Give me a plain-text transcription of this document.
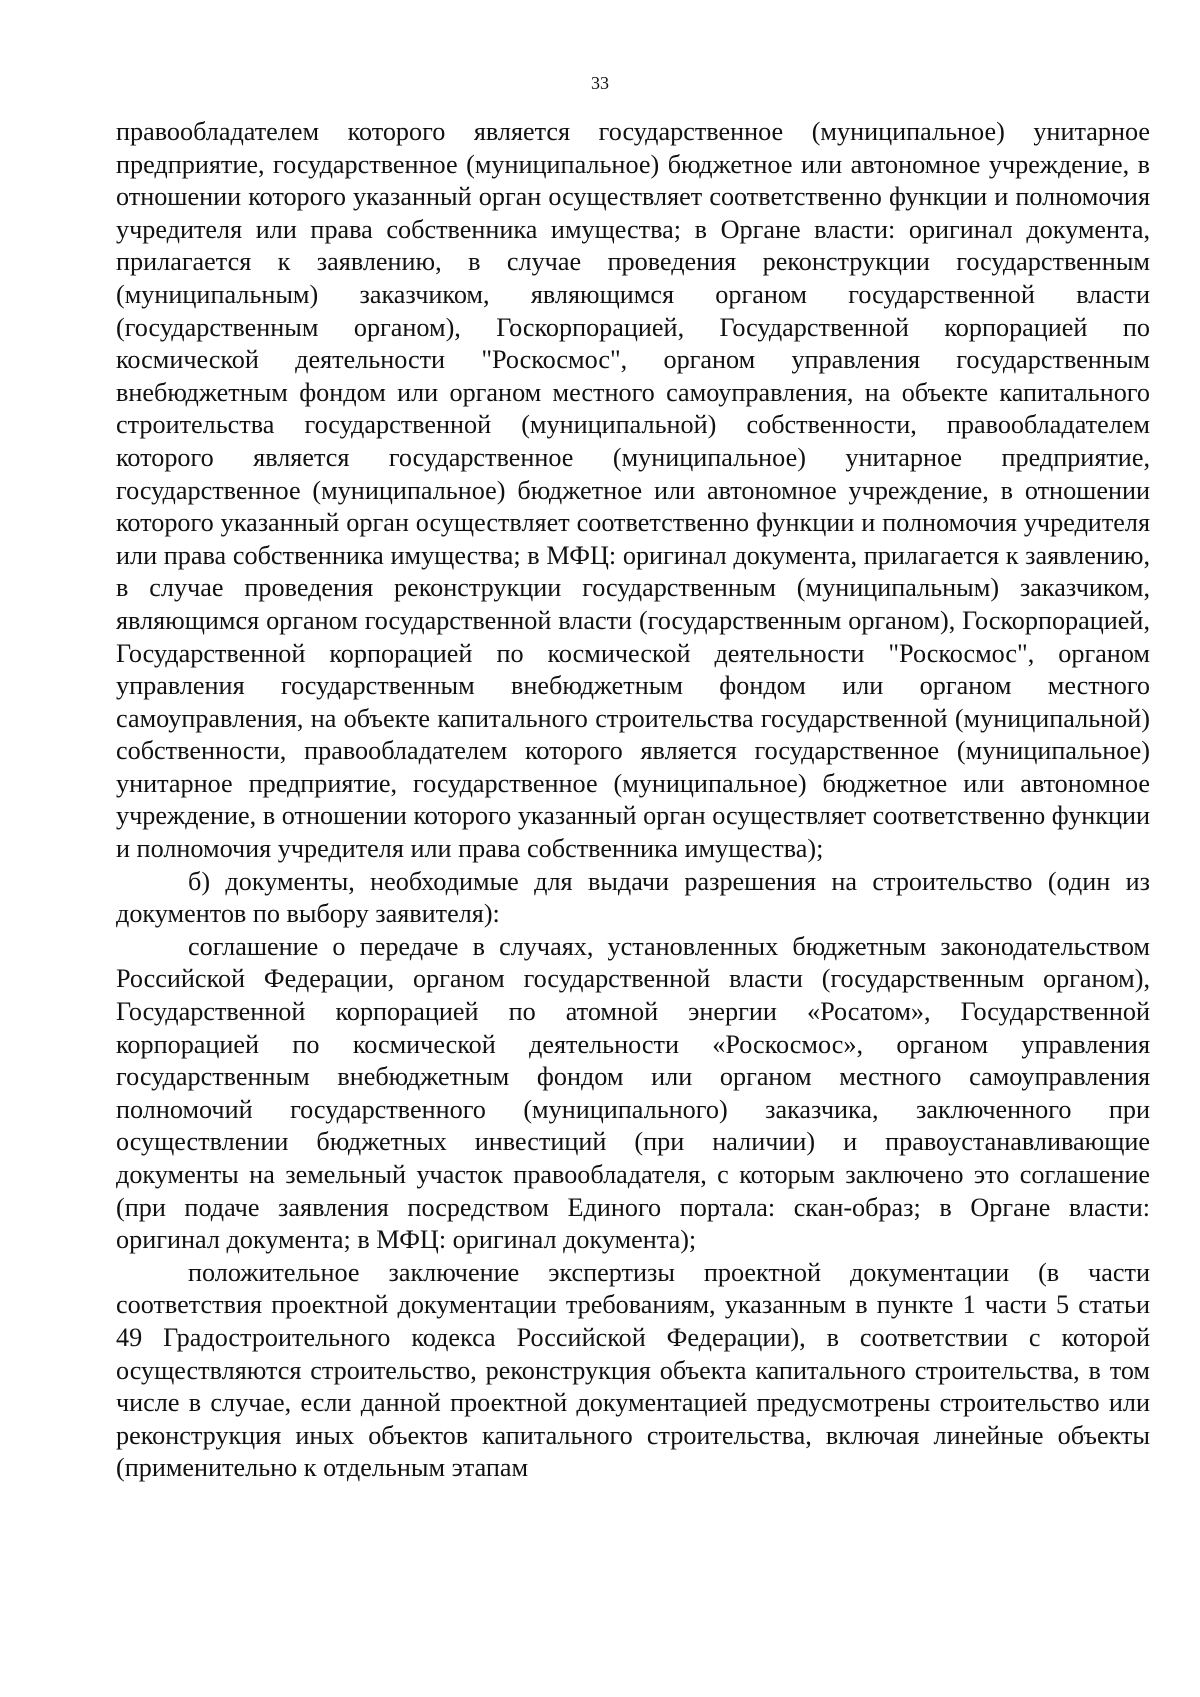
33

правообладателем которого является государственное (муниципальное) унитарное предприятие, государственное (муниципальное) бюджетное или автономное учреждение, в отношении которого указанный орган осуществляет соответственно функции и полномочия учредителя или права собственника имущества; в Органе власти: оригинал документа, прилагается к заявлению, в случае проведения реконструкции государственным (муниципальным) заказчиком, являющимся органом государственной власти (государственным органом), Госкорпорацией, Государственной корпорацией по космической деятельности "Роскосмос", органом управления государственным внебюджетным фондом или органом местного самоуправления, на объекте капитального строительства государственной (муниципальной) собственности, правообладателем которого является государственное (муниципальное) унитарное предприятие, государственное (муниципальное) бюджетное или автономное учреждение, в отношении которого указанный орган осуществляет соответственно функции и полномочия учредителя или права собственника имущества; в МФЦ: оригинал документа, прилагается к заявлению, в случае проведения реконструкции государственным (муниципальным) заказчиком, являющимся органом государственной власти (государственным органом), Госкорпорацией, Государственной корпорацией по космической деятельности "Роскосмос", органом управления государственным внебюджетным фондом или органом местного самоуправления, на объекте капитального строительства государственной (муниципальной) собственности, правообладателем которого является государственное (муниципальное) унитарное предприятие, государственное (муниципальное) бюджетное или автономное учреждение, в отношении которого указанный орган осуществляет соответственно функции и полномочия учредителя или права собственника имущества);

б) документы, необходимые для выдачи разрешения на строительство (один из документов по выбору заявителя):

соглашение о передаче в случаях, установленных бюджетным законодательством Российской Федерации, органом государственной власти (государственным органом), Государственной корпорацией по атомной энергии «Росатом», Государственной корпорацией по космической деятельности «Роскосмос», органом управления государственным внебюджетным фондом или органом местного самоуправления полномочий государственного (муниципального) заказчика, заключенного при осуществлении бюджетных инвестиций (при наличии) и правоустанавливающие документы на земельный участок правообладателя, с которым заключено это соглашение (при подаче заявления посредством Единого портала: скан-образ; в Органе власти: оригинал документа; в МФЦ: оригинал документа);

положительное заключение экспертизы проектной документации (в части соответствия проектной документации требованиям, указанным в пункте 1 части 5 статьи 49 Градостроительного кодекса Российской Федерации), в соответствии с которой осуществляются строительство, реконструкция объекта капитального строительства, в том числе в случае, если данной проектной документацией предусмотрены строительство или реконструкция иных объектов капитального строительства, включая линейные объекты (применительно к отдельным этапам
